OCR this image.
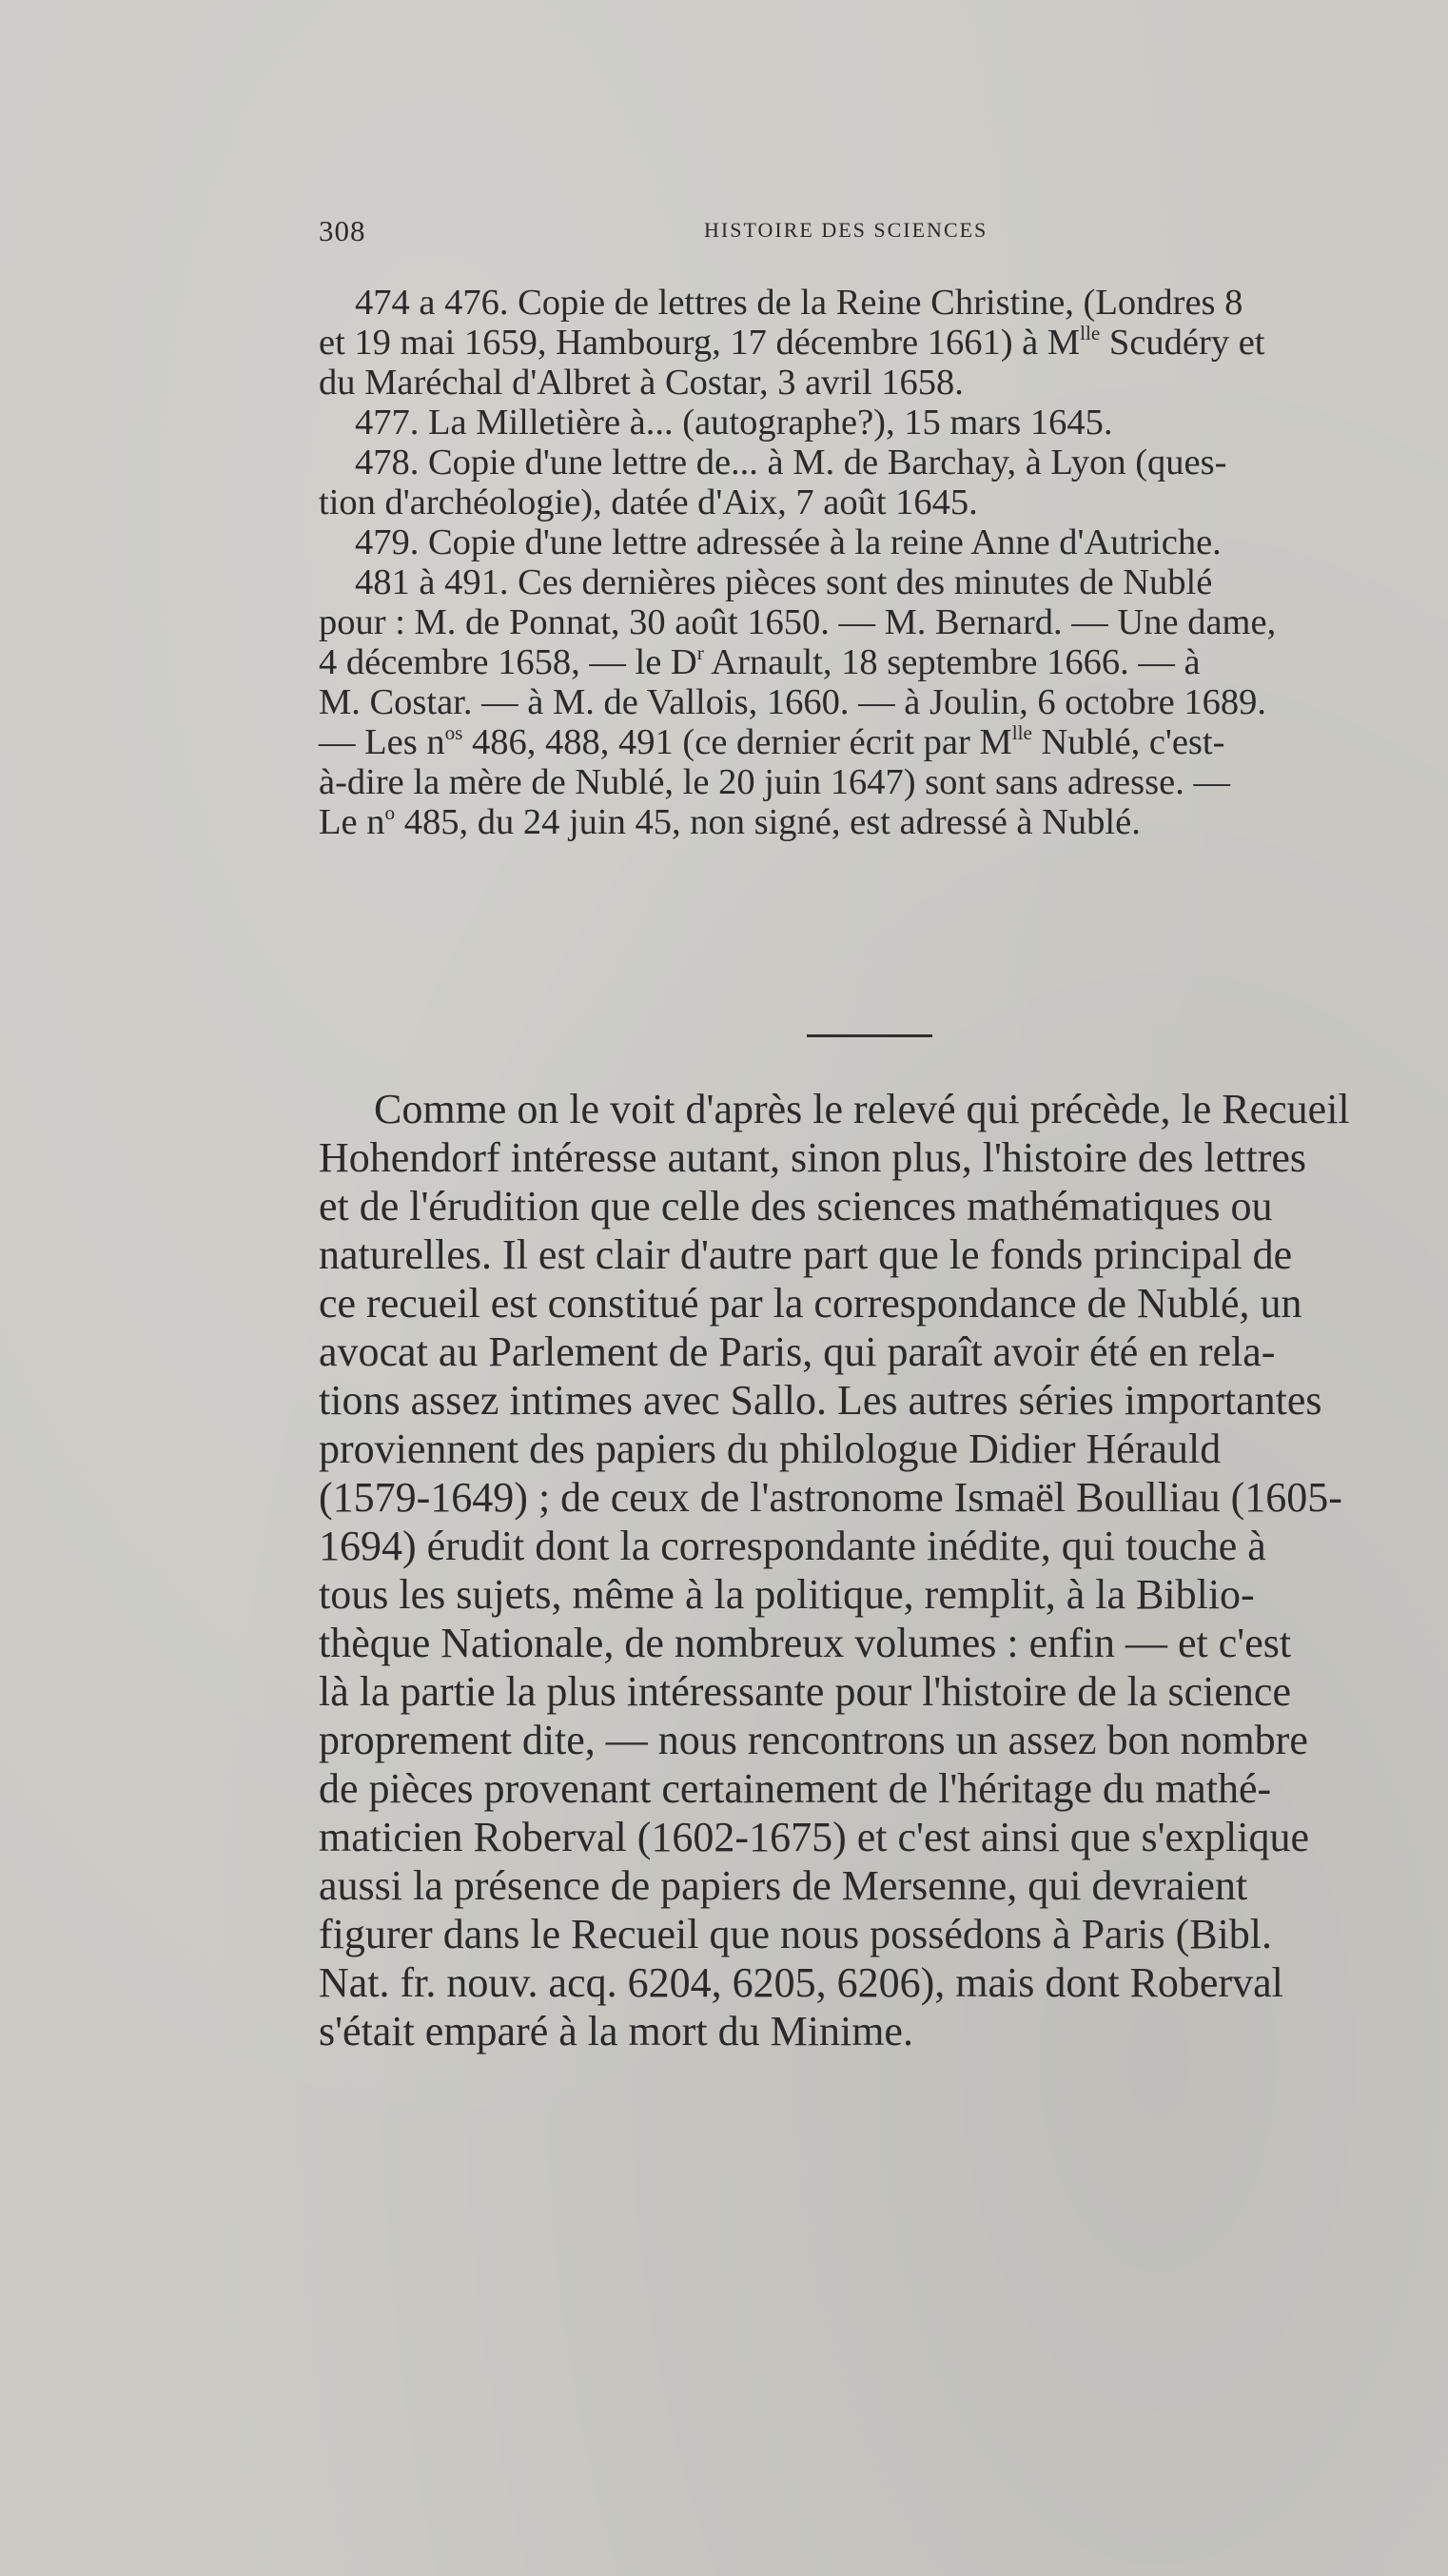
308	HISTOIRE DES SCIENCES
474 a 476. Copie de lettres de la Reine Christine, (Londres 8
et 19 mai 1659, Hambourg, 17 décembre 1661) à $M^{lle}$ Scudéry et
du Maréchal d'Albret à Costar, 3 avril 1658.
477. La Milletière à... (autographe?), 15 mars 1645.
478. Copie d'une lettre de... à M. de Barchay, à Lyon (ques-
tion d'archéologie), datée d'Aix, 7 août 1645.
479. Copie d'une lettre adressée à la reine Anne d'Autriche.
481 à 491. Ces dernières pièces sont des minutes de Nublé
pour : M. de Ponnat, 30 août 1650. — M. Bernard. — Une dame,
4 décembre 1658, — le $D^r$ Arnault, 18 septembre 1666. — à
M. Costar. — à M. de Vallois, 1660. — à Joulin, 6 octobre 1689.
— Les $n^{os}$ 486, 488, 491 (ce dernier écrit par $M^{lle}$ Nublé, c'est-
à-dire la mère de Nublé, le 20 juin 1647) sont sans adresse. —
Le $n^o$ 485, du 24 juin 45, non signé, est adressé à Nublé.
Comme on le voit d'après le relevé qui précède, le Recueil
Hohendorf intéresse autant, sinon plus, l'histoire des lettres
et de l'érudition que celle des sciences mathématiques ou
naturelles. Il est clair d'autre part que le fonds principal de
ce recueil est constitué par la correspondance de Nublé, un
avocat au Parlement de Paris, qui paraît avoir été en rela-
tions assez intimes avec Sallo. Les autres séries importantes
proviennent des papiers du philologue Didier Hérauld
(1579-1649) ; de ceux de l'astronome Ismaël Boulliau (1605-
1694) érudit dont la correspondante inédite, qui touche à
tous les sujets, même à la politique, remplit, à la Biblio-
thèque Nationale, de nombreux volumes : enfin — et c'est
là la partie la plus intéressante pour l'histoire de la science
proprement dite, — nous rencontrons un assez bon nombre
de pièces provenant certainement de l'héritage du mathé-
maticien Roberval (1602-1675) et c'est ainsi que s'explique
aussi la présence de papiers de Mersenne, qui devraient
figurer dans le Recueil que nous possédons à Paris (Bibl.
Nat. fr. nouv. acq. 6204, 6205, 6206), mais dont Roberval
s'était emparé à la mort du Minime.
